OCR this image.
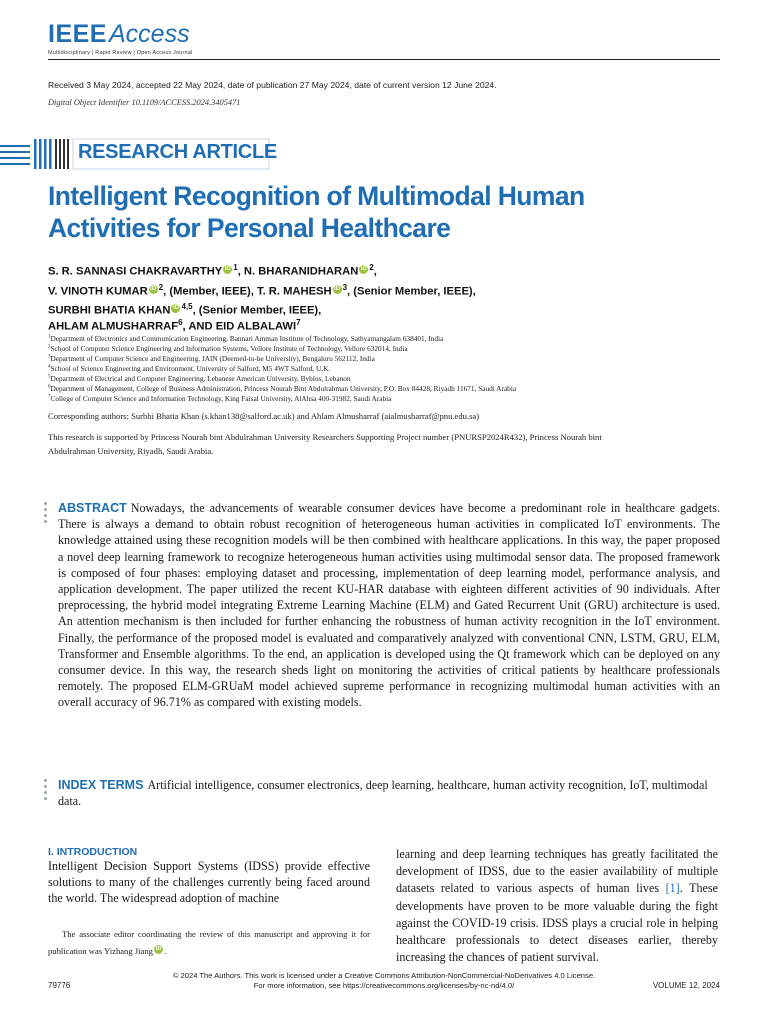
IEEEAccess
Multidisciplinary | Rapid Review | Open Access Journal
Received 3 May 2024, accepted 22 May 2024, date of publication 27 May 2024, date of current version 12 June 2024.
Digital Object Identifier 10.1109/ACCESS.2024.3405471
RESEARCH ARTICLE
Intelligent Recognition of Multimodal Human Activities for Personal Healthcare
S. R. SANNASI CHAKRAVARTHY iD $^1$, N. BHARANIDHARAN iD $^2$,
V. VINOTH KUMAR iD $^2$, (Member, IEEE), T. R. MAHESH iD $^3$, (Senior Member, IEEE),
SURBHI BHATIA KHAN iD $^{4,5}$, (Senior Member, IEEE),
AHLAM ALMUSHARRAF$^6$, AND EID ALBALAWI$^7$
$^1$Department of Electronics and Communication Engineering, Bannari Amman Institute of Technology, Sathyamangalam 638401, India
$^2$School of Computer Science Engineering and Information Systems, Vellore Institute of Technology, Vellore 632014, India
$^3$Department of Computer Science and Engineering, JAIN (Deemed-to-be University), Bengaluru 562112, India
$^4$School of Science Engineering and Environment, University of Salford, M5 4WT Salford, U.K.
$^5$Department of Electrical and Computer Engineering, Lebanese American University, Byblos, Lebanon
$^6$Department of Management, College of Business Administration, Princess Nourah Bint Abdulrahman University, P.O. Box 84428, Riyadh 11671, Saudi Arabia
$^7$College of Computer Science and Information Technology, King Faisal University, AlAhsa 400-31982, Saudi Arabia
Corresponding authors: Surbhi Bhatia Khan (s.khan138@salford.ac.uk) and Ahlam Almusharraf (aialmusharraf@pnu.edu.sa)
This research is supported by Princess Nourah bint Abdulrahman University Researchers Supporting Project number (PNURSP2024R432), Princess Nourah bint Abdulrahman University, Riyadh, Saudi Arabia.
ABSTRACT Nowadays, the advancements of wearable consumer devices have become a predominant role in healthcare gadgets. There is always a demand to obtain robust recognition of heterogeneous human activities in complicated IoT environments. The knowledge attained using these recognition models will be then combined with healthcare applications. In this way, the paper proposed a novel deep learning framework to recognize heterogeneous human activities using multimodal sensor data. The proposed framework is composed of four phases: employing dataset and processing, implementation of deep learning model, performance analysis, and application development. The paper utilized the recent KU-HAR database with eighteen different activities of 90 individuals. After preprocessing, the hybrid model integrating Extreme Learning Machine (ELM) and Gated Recurrent Unit (GRU) architecture is used. An attention mechanism is then included for further enhancing the robustness of human activity recognition in the IoT environment. Finally, the performance of the proposed model is evaluated and comparatively analyzed with conventional CNN, LSTM, GRU, ELM, Transformer and Ensemble algorithms. To the end, an application is developed using the Qt framework which can be deployed on any consumer device. In this way, the research sheds light on monitoring the activities of critical patients by healthcare professionals remotely. The proposed ELM-GRUaM model achieved supreme performance in recognizing multimodal human activities with an overall accuracy of 96.71% as compared with existing models.
INDEX TERMS Artificial intelligence, consumer electronics, deep learning, healthcare, human activity recognition, IoT, multimodal data.
I. INTRODUCTION
Intelligent Decision Support Systems (IDSS) provide effective solutions to many of the challenges currently being faced around the world. The widespread adoption of machine
The associate editor coordinating the review of this manuscript and approving it for publication was Yizhang Jiang iD .
learning and deep learning techniques has greatly facilitated the development of IDSS, due to the easier availability of multiple datasets related to various aspects of human lives [1]. These developments have proven to be more valuable during the fight against the COVID-19 crisis. IDSS plays a crucial role in helping healthcare professionals to detect diseases earlier, thereby increasing the chances of patient survival.
© 2024 The Authors. This work is licensed under a Creative Commons Attribution-NonCommercial-NoDerivatives 4.0 License.
For more information, see https://creativecommons.org/licenses/by-nc-nd/4.0/
79776	VOLUME 12, 2024
